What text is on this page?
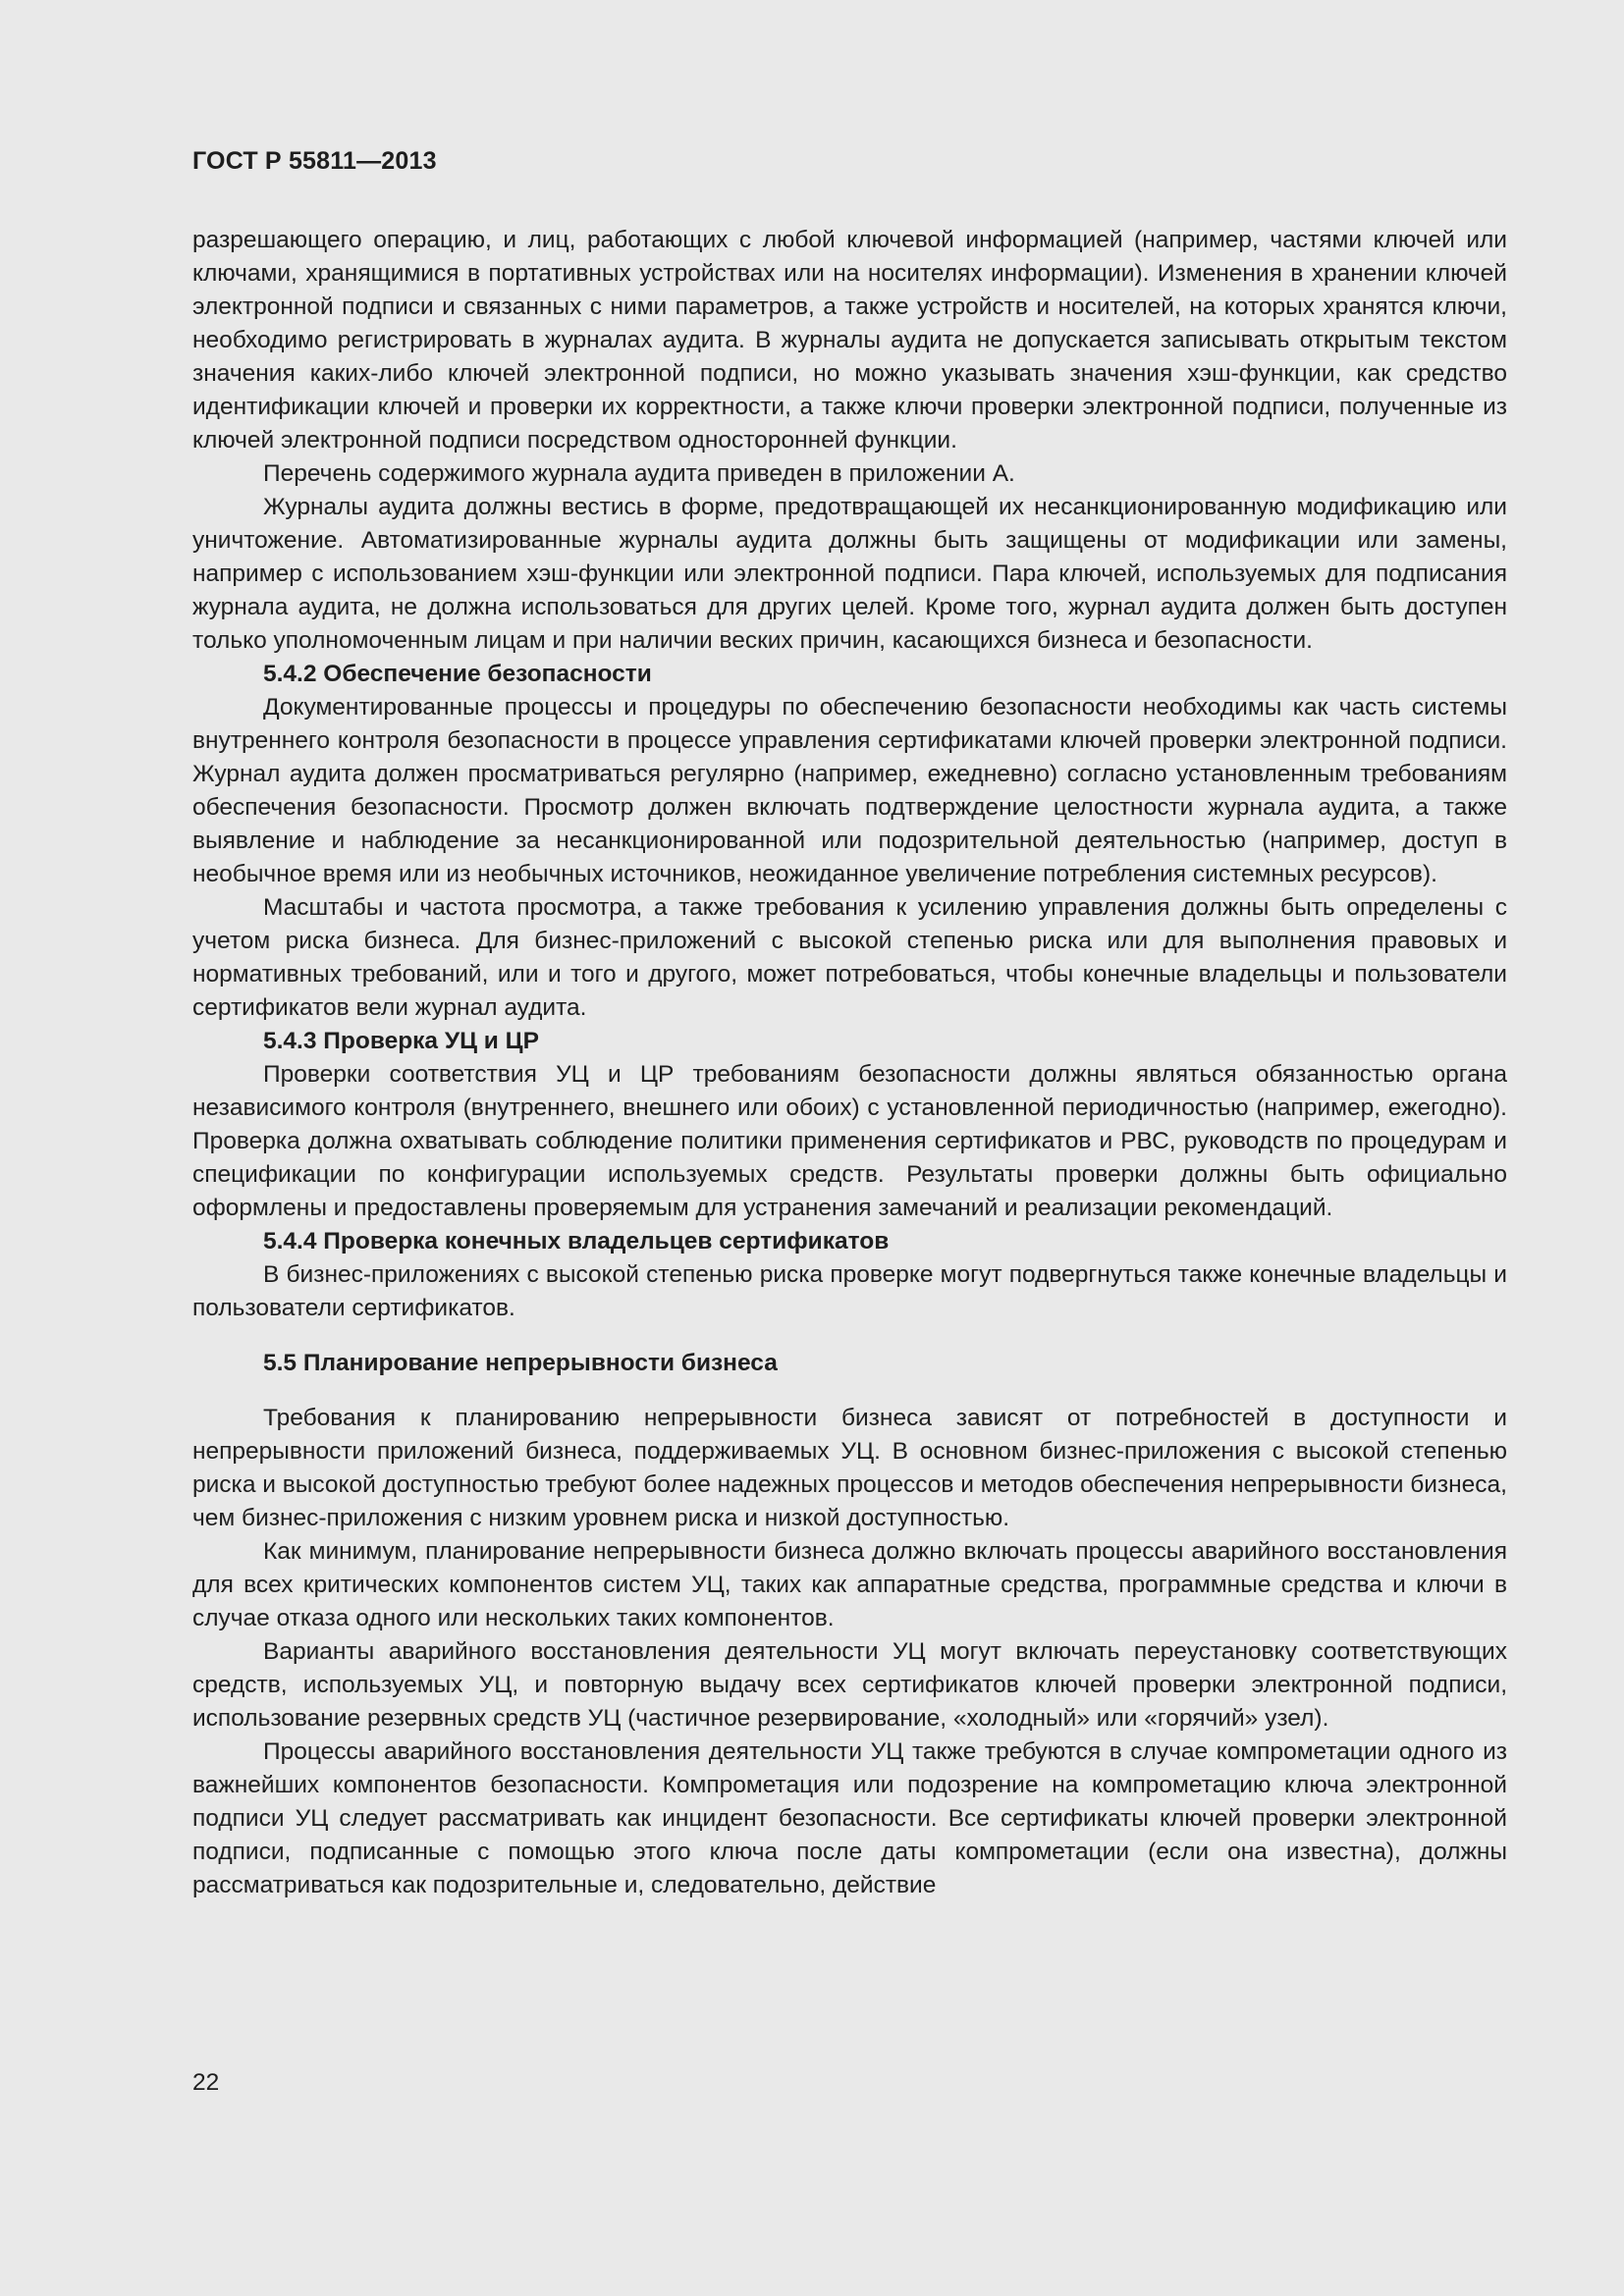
ГОСТ Р 55811—2013

разрешающего операцию, и лиц, работающих с любой ключевой информацией (например, частями ключей или ключами, хранящимися в портативных устройствах или на носителях информации). Изменения в хранении ключей электронной подписи и связанных с ними параметров, а также устройств и носителей, на которых хранятся ключи, необходимо регистрировать в журналах аудита. В журналы аудита не допускается записывать открытым текстом значения каких-либо ключей электронной подписи, но можно указывать значения хэш-функции, как средство идентификации ключей и проверки их корректности, а также ключи проверки электронной подписи, полученные из ключей электронной подписи посредством односторонней функции.

Перечень содержимого журнала аудита приведен в приложении А.

Журналы аудита должны вестись в форме, предотвращающей их несанкционированную модификацию или уничтожение. Автоматизированные журналы аудита должны быть защищены от модификации или замены, например с использованием хэш-функции или электронной подписи. Пара ключей, используемых для подписания журнала аудита, не должна использоваться для других целей. Кроме того, журнал аудита должен быть доступен только уполномоченным лицам и при наличии веских причин, касающихся бизнеса и безопасности.

5.4.2 Обеспечение безопасности

Документированные процессы и процедуры по обеспечению безопасности необходимы как часть системы внутреннего контроля безопасности в процессе управления сертификатами ключей проверки электронной подписи. Журнал аудита должен просматриваться регулярно (например, ежедневно) согласно установленным требованиям обеспечения безопасности. Просмотр должен включать подтверждение целостности журнала аудита, а также выявление и наблюдение за несанкционированной или подозрительной деятельностью (например, доступ в необычное время или из необычных источников, неожиданное увеличение потребления системных ресурсов).

Масштабы и частота просмотра, а также требования к усилению управления должны быть определены с учетом риска бизнеса. Для бизнес-приложений с высокой степенью риска или для выполнения правовых и нормативных требований, или и того и другого, может потребоваться, чтобы конечные владельцы и пользователи сертификатов вели журнал аудита.

5.4.3 Проверка УЦ и ЦР

Проверки соответствия УЦ и ЦР требованиям безопасности должны являться обязанностью органа независимого контроля (внутреннего, внешнего или обоих) с установленной периодичностью (например, ежегодно). Проверка должна охватывать соблюдение политики применения сертификатов и РВС, руководств по процедурам и спецификации по конфигурации используемых средств. Результаты проверки должны быть официально оформлены и предоставлены проверяемым для устранения замечаний и реализации рекомендаций.

5.4.4 Проверка конечных владельцев сертификатов

В бизнес-приложениях с высокой степенью риска проверке могут подвергнуться также конечные владельцы и пользователи сертификатов.

5.5 Планирование непрерывности бизнеса

Требования к планированию непрерывности бизнеса зависят от потребностей в доступности и непрерывности приложений бизнеса, поддерживаемых УЦ. В основном бизнес-приложения с высокой степенью риска и высокой доступностью требуют более надежных процессов и методов обеспечения непрерывности бизнеса, чем бизнес-приложения с низким уровнем риска и низкой доступностью.

Как минимум, планирование непрерывности бизнеса должно включать процессы аварийного восстановления для всех критических компонентов систем УЦ, таких как аппаратные средства, программные средства и ключи в случае отказа одного или нескольких таких компонентов.

Варианты аварийного восстановления деятельности УЦ могут включать переустановку соответствующих средств, используемых УЦ, и повторную выдачу всех сертификатов ключей проверки электронной подписи, использование резервных средств УЦ (частичное резервирование, «холодный» или «горячий» узел).

Процессы аварийного восстановления деятельности УЦ также требуются в случае компрометации одного из важнейших компонентов безопасности. Компрометация или подозрение на компрометацию ключа электронной подписи УЦ следует рассматривать как инцидент безопасности. Все сертификаты ключей проверки электронной подписи, подписанные с помощью этого ключа после даты компрометации (если она известна), должны рассматриваться как подозрительные и, следовательно, действие

22
